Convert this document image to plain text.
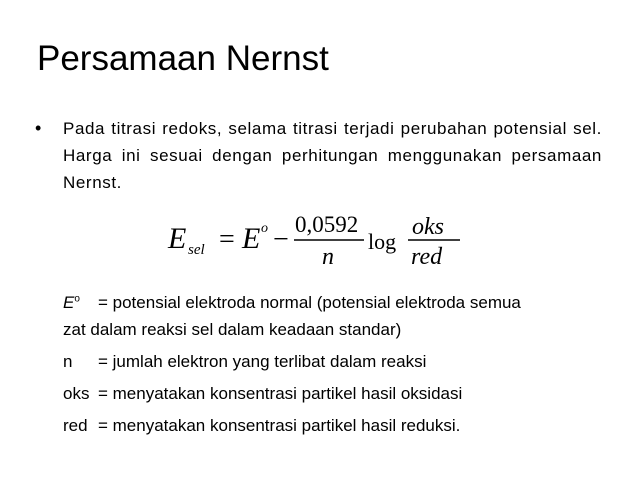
Persamaan Nernst
• Pada titrasi redoks, selama titrasi terjadi perubahan potensial sel. Harga ini sesuai dengan perhitungan menggunakan persamaan Nernst.
E sel = E o − 0,0592
n
log
oks
red
$E^o$ = potensial elektroda normal (potensial elektroda semua
zat dalam reaksi sel dalam keadaan standar)
n = jumlah elektron yang terlibat dalam reaksi
oks = menyatakan konsentrasi partikel hasil oksidasi
red = menyatakan konsentrasi partikel hasil reduksi.
